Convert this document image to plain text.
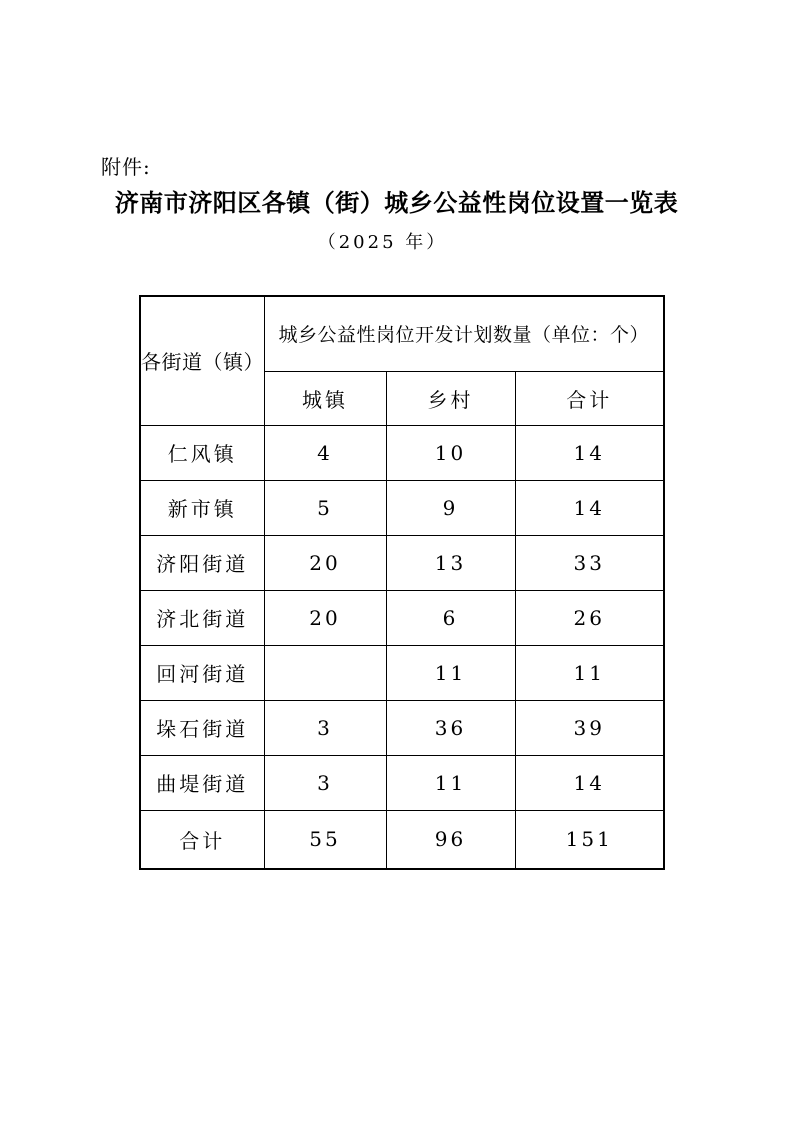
附件:
济南市济阳区各镇（街）城乡公益性岗位设置一览表
（2025 年）
各街道（镇）	城乡公益性岗位开发计划数量（单位：个）		
	城镇	乡村	合计
仁风镇	4	10	14
新市镇	5	9	14
济阳街道	20	13	33
济北街道	20	6	26
回河街道		11	11
垛石街道	3	36	39
曲堤街道	3	11	14
合计	55	96	151
